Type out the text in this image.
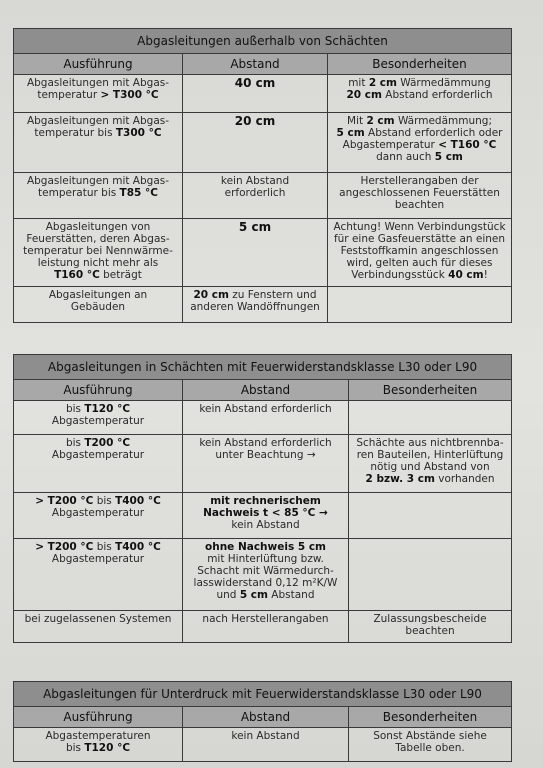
Abgasleitungen außerhalb von Schächten		
Ausführung	Abstand	Besonderheiten
Abgasleitungen mit Abgas-
temperatur > T300 °C	40 cm	mit 2 cm Wärmedämmung
20 cm Abstand erforderlich
Abgasleitungen mit Abgas-
temperatur bis T300 °C	20 cm	Mit 2 cm Wärmedämmung;
5 cm Abstand erforderlich oder
Abgastemperatur < T160 °C
dann auch 5 cm
Abgasleitungen mit Abgas-
temperatur bis T85 °C	kein Abstand
erforderlich	Herstellerangaben der
angeschlossenen Feuerstätten
beachten
Abgasleitungen von
Feuerstätten, deren Abgas-
temperatur bei Nennwärme-
leistung nicht mehr als
T160 °C beträgt	5 cm	Achtung! Wenn Verbindungstück
für eine Gasfeuerstätte an einen
Feststoffkamin angeschlossen
wird, gelten auch für dieses
Verbindungsstück 40 cm!
Abgasleitungen an
Gebäuden	20 cm zu Fenstern und
anderen Wandöffnungen	
Abgasleitungen in Schächten mit Feuerwiderstandsklasse L30 oder L90		
Ausführung	Abstand	Besonderheiten
bis T120 °C
Abgastemperatur	kein Abstand erforderlich	
bis T200 °C
Abgastemperatur	kein Abstand erforderlich
unter Beachtung →	Schächte aus nichtbrennba-
ren Bauteilen, Hinterlüftung
nötig und Abstand von
2 bzw. 3 cm vorhanden
> T200 °C bis T400 °C
Abgastemperatur	mit rechnerischem
Nachweis t < 85 °C →
kein Abstand	
> T200 °C bis T400 °C
Abgastemperatur	ohne Nachweis 5 cm
mit Hinterlüftung bzw.
Schacht mit Wärmedurch-
lasswiderstand 0,12 m²K/W
und 5 cm Abstand	
bei zugelassenen Systemen	nach Herstellerangaben	Zulassungsbescheide
beachten
Abgasleitungen für Unterdruck mit Feuerwiderstandsklasse L30 oder L90		
Ausführung	Abstand	Besonderheiten
Abgastemperaturen
bis T120 °C	kein Abstand	Sonst Abstände siehe
Tabelle oben.
